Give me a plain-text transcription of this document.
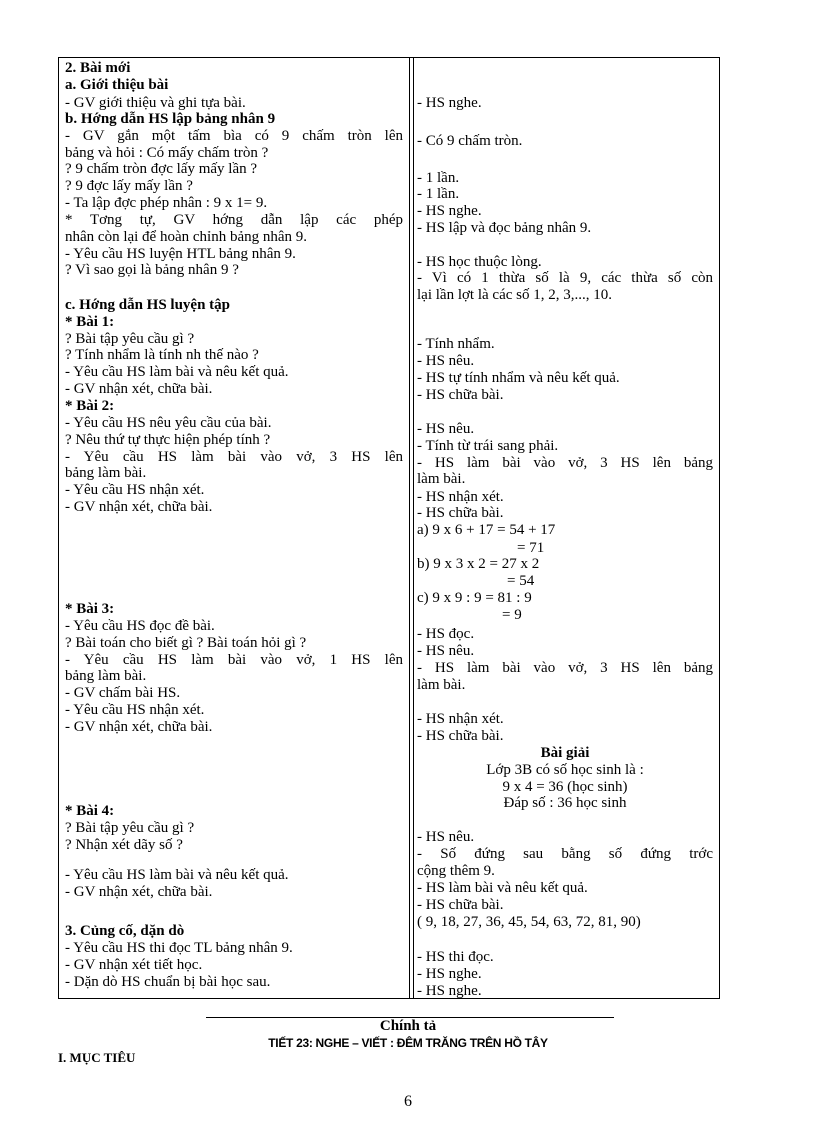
2. Bài mới
a. Giới thiệu bài
- GV giới thiệu và ghi tựa bài.
b. Hớng dẫn HS lập bảng nhân 9
- GV gắn một tấm bìa có 9 chấm tròn lên
bảng và hỏi : Có mấy chấm tròn ?
? 9 chấm tròn đợc lấy mấy lần ?
? 9 đợc lấy mấy lần ?
- Ta lập đợc phép nhân : 9 x 1= 9.
* Tơng tự, GV hớng dẫn lập các phép
nhân còn lại để hoàn chỉnh bảng nhân 9.
- Yêu cầu HS luyện HTL bảng nhân 9.
? Vì sao gọi là bảng nhân 9 ?
c. Hớng dẫn HS luyện tập
* Bài 1:
? Bài tập yêu cầu gì ?
? Tính nhẩm là tính nh thế nào ?
- Yêu cầu HS làm bài và nêu kết quả.
- GV nhận xét, chữa bài.
* Bài 2:
- Yêu cầu HS nêu yêu cầu của bài.
? Nêu thứ tự thực hiện phép tính ?
- Yêu cầu HS làm bài vào vở, 3 HS lên
bảng làm bài.
- Yêu cầu HS nhận xét.
- GV nhận xét, chữa bài.
* Bài 3:
- Yêu cầu HS đọc đề bài.
? Bài toán cho biết gì ? Bài toán hỏi gì ?
- Yêu cầu HS làm bài vào vở, 1 HS lên
bảng làm bài.
- GV chấm bài HS.
- Yêu cầu HS nhận xét.
- GV nhận xét, chữa bài.
* Bài 4:
? Bài tập yêu cầu gì ?
? Nhận xét dãy số ?
- Yêu cầu HS làm bài và nêu kết quả.
- GV nhận xét, chữa bài.
3. Củng cố, dặn dò
- Yêu cầu HS thi đọc TL bảng nhân 9.
- GV nhận xét tiết học.
- Dặn dò HS chuẩn bị bài học sau.
- HS nghe.
- Có 9 chấm tròn.
- 1 lần.
- 1 lần.
- HS nghe.
- HS lập và đọc bảng nhân 9.
- HS học thuộc lòng.
- Vì có 1 thừa số là 9, các thừa số còn
lại lần lợt là các số 1, 2, 3,..., 10.
- Tính nhẩm.
- HS nêu.
- HS tự tính nhẩm và nêu kết quả.
- HS chữa bài.
- HS nêu.
- Tính từ trái sang phải.
- HS làm bài vào vở, 3 HS lên bảng
làm bài.
- HS nhận xét.
- HS chữa bài.
a) 9 x 6 + 17 = 54 + 17
= 71
b) 9 x 3 x 2 = 27 x 2
= 54
c) 9 x 9 : 9 = 81 : 9
= 9
- HS đọc.
- HS nêu.
- HS làm bài vào vở, 3 HS lên bảng
làm bài.
- HS nhận xét.
- HS chữa bài.
Bài giải
Lớp 3B có số học sinh là :
9 x 4 = 36 (học sinh)
Đáp số : 36 học sinh
- HS nêu.
- Số đứng sau bằng số đứng trớc
cộng thêm 9.
- HS làm bài và nêu kết quả.
- HS chữa bài.
( 9, 18, 27, 36, 45, 54, 63, 72, 81, 90)
- HS thi đọc.
- HS nghe.
- HS nghe.
Chính tả
TIẾT 23: NGHE – VIẾT : ĐÊM TRĂNG TRÊN HỒ TÂY
I. MỤC TIÊU
6
